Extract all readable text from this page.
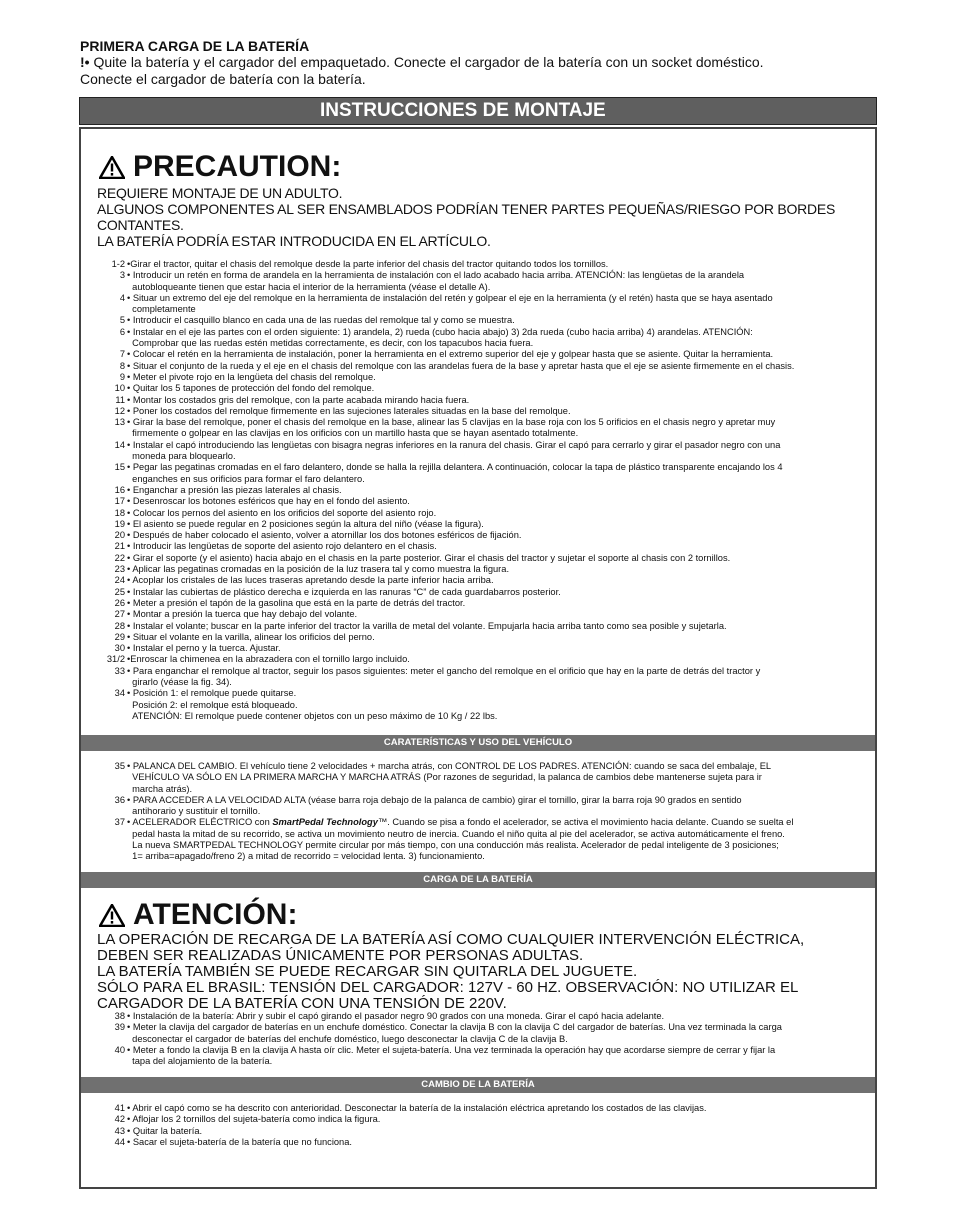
PRIMERA CARGA DE LA BATERÍA

!• Quite la batería y el cargador del empaquetado. Conecte el cargador de la batería con un socket doméstico.
Conecte el cargador de batería con la batería.

INSTRUCCIONES DE MONTAJE
PRECAUTION:
REQUIERE MONTAJE DE UN ADULTO.
ALGUNOS COMPONENTES AL SER ENSAMBLADOS PODRÍAN TENER PARTES PEQUEÑAS/RIESGO POR BORDES
CONTANTES.
LA BATERÍA PODRÍA ESTAR INTRODUCIDA EN EL ARTÍCULO.
1-2 •Girar el tractor, quitar el chasis del remolque desde la parte inferior del chasis del tractor quitando todos los tornillos.
3 • Introducir un retén en forma de arandela en la herramienta de instalación con el lado acabado hacia arriba. ATENCIÓN: las lengüetas de la arandela
autobloqueante tienen que estar hacia el interior de la herramienta (véase el detalle A).
4 • Situar un extremo del eje del remolque en la herramienta de instalación del retén y golpear el eje en la herramienta (y el retén) hasta que se haya asentado
completamente
5 • Introducir el casquillo blanco en cada una de las ruedas del remolque tal y como se muestra.
6 • Instalar en el eje las partes con el orden siguiente: 1) arandela, 2) rueda (cubo hacia abajo) 3) 2da rueda (cubo hacia arriba) 4) arandelas. ATENCIÓN:
Comprobar que las ruedas estén metidas correctamente, es decir, con los tapacubos hacia fuera.
7 • Colocar el retén en la herramienta de instalación, poner la herramienta en el extremo superior del eje y golpear hasta que se asiente. Quitar la herramienta.
8 • Situar el conjunto de la rueda y el eje en el chasis del remolque con las arandelas fuera de la base y apretar hasta que el eje se asiente firmemente en el chasis.
9 • Meter el pivote rojo en la lengüeta del chasis del remolque.
10 • Quitar los 5 tapones de protección del fondo del remolque.
11 • Montar los costados gris del remolque, con la parte acabada mirando hacia fuera.
12 • Poner los costados del remolque firmemente en las sujeciones laterales situadas en la base del remolque.
13 • Girar la base del remolque, poner el chasis del remolque en la base, alinear las 5 clavijas en la base roja con los 5 orificios en el chasis negro y apretar muy
firmemente o golpear en las clavijas en los orificios con un martillo hasta que se hayan asentado totalmente.
14 • Instalar el capó introduciendo las lengüetas con bisagra negras inferiores en la ranura del chasis. Girar el capó para cerrarlo y girar el pasador negro con una
moneda para bloquearlo.
15 • Pegar las pegatinas cromadas en el faro delantero, donde se halla la rejilla delantera. A continuación, colocar la tapa de plástico transparente encajando los 4
enganches en sus orificios para formar el faro delantero.
16 • Enganchar a presión las piezas laterales al chasis.
17 • Desenroscar los botones esféricos que hay en el fondo del asiento.
18 • Colocar los pernos del asiento en los orificios del soporte del asiento rojo.
19 • El asiento se puede regular en 2 posiciones según la altura del niño (véase la figura).
20 • Después de haber colocado el asiento, volver a atornillar los dos botones esféricos de fijación.
21 • Introducir las lengüetas de soporte del asiento rojo delantero en el chasis.
22 • Girar el soporte (y el asiento) hacia abajo en el chasis en la parte posterior. Girar el chasis del tractor y sujetar el soporte al chasis con 2 tornillos.
23 • Aplicar las pegatinas cromadas en la posición de la luz trasera tal y como muestra la figura.
24 • Acoplar los cristales de las luces traseras apretando desde la parte inferior hacia arriba.
25 • Instalar las cubiertas de plástico derecha e izquierda en las ranuras “C” de cada guardabarros posterior.
26 • Meter a presión el tapón de la gasolina que está en la parte de detrás del tractor.
27 • Montar a presión la tuerca que hay debajo del volante.
28 • Instalar el volante; buscar en la parte inferior del tractor la varilla de metal del volante. Empujarla hacia arriba tanto como sea posible y sujetarla.
29 • Situar el volante en la varilla, alinear los orificios del perno.
30 • Instalar el perno y la tuerca. Ajustar.
31/2 •Enroscar la chimenea en la abrazadera con el tornillo largo incluido.
33 • Para enganchar el remolque al tractor, seguir los pasos siguientes: meter el gancho del remolque en el orificio que hay en la parte de detrás del tractor y
girarlo (véase la fig. 34).
34 • Posición 1: el remolque puede quitarse.
Posición 2: el remolque está bloqueado.
ATENCIÓN: El remolque puede contener objetos con un peso máximo de 10 Kg / 22 lbs.
CARATERÍSTICAS Y USO DEL VEHÍCULO
35 • PALANCA DEL CAMBIO. El vehículo tiene 2 velocidades + marcha atrás, con CONTROL DE LOS PADRES. ATENCIÓN: cuando se saca del embalaje, EL
VEHÍCULO VA SÓLO EN LA PRIMERA MARCHA Y MARCHA ATRÁS (Por razones de seguridad, la palanca de cambios debe mantenerse sujeta para ir
marcha atrás).
36 • PARA ACCEDER A LA VELOCIDAD ALTA (véase barra roja debajo de la palanca de cambio) girar el tornillo, girar la barra roja 90 grados en sentido
antihorario y sustituir el tornillo.
37 • ACELERADOR ELÉCTRICO con SmartPedal Technology™. Cuando se pisa a fondo el acelerador, se activa el movimiento hacia delante. Cuando se suelta el
pedal hasta la mitad de su recorrido, se activa un movimiento neutro de inercia. Cuando el niño quita al pie del acelerador, se activa automáticamente el freno.
La nueva SMARTPEDAL TECHNOLOGY permite circular por más tiempo, con una conducción más realista. Acelerador de pedal inteligente de 3 posiciones;
1= arriba=apagado/freno 2) a mitad de recorrido = velocidad lenta. 3) funcionamiento.
CARGA DE LA BATERÍA
ATENCIÓN:
LA OPERACIÓN DE RECARGA DE LA BATERÍA ASÍ COMO CUALQUIER INTERVENCIÓN ELÉCTRICA,
DEBEN SER REALIZADAS ÚNICAMENTE POR PERSONAS ADULTAS.
LA BATERÍA TAMBIÉN SE PUEDE RECARGAR SIN QUITARLA DEL JUGUETE.
SÓLO PARA EL BRASIL: TENSIÓN DEL CARGADOR: 127V - 60 HZ. OBSERVACIÓN: NO UTILIZAR EL
CARGADOR DE LA BATERÍA CON UNA TENSIÓN DE 220V.
38 • Instalación de la batería: Abrir y subir el capó girando el pasador negro 90 grados con una moneda. Girar el capó hacia adelante.
39 • Meter la clavija del cargador de baterías en un enchufe doméstico. Conectar la clavija B con la clavija C del cargador de baterías. Una vez terminada la carga
desconectar el cargador de baterías del enchufe doméstico, luego desconectar la clavija C de la clavija B.
40 • Meter a fondo la clavija B en la clavija A hasta oír clic. Meter el sujeta-batería. Una vez terminada la operación hay que acordarse siempre de cerrar y fijar la
tapa del alojamiento de la batería.
CAMBIO DE LA BATERÍA
41 • Abrir el capó como se ha descrito con anterioridad. Desconectar la batería de la instalación eléctrica apretando los costados de las clavijas.
42 • Aflojar los 2 tornillos del sujeta-batería como indica la figura.
43 • Quitar la batería.
44 • Sacar el sujeta-batería de la batería que no funciona.
